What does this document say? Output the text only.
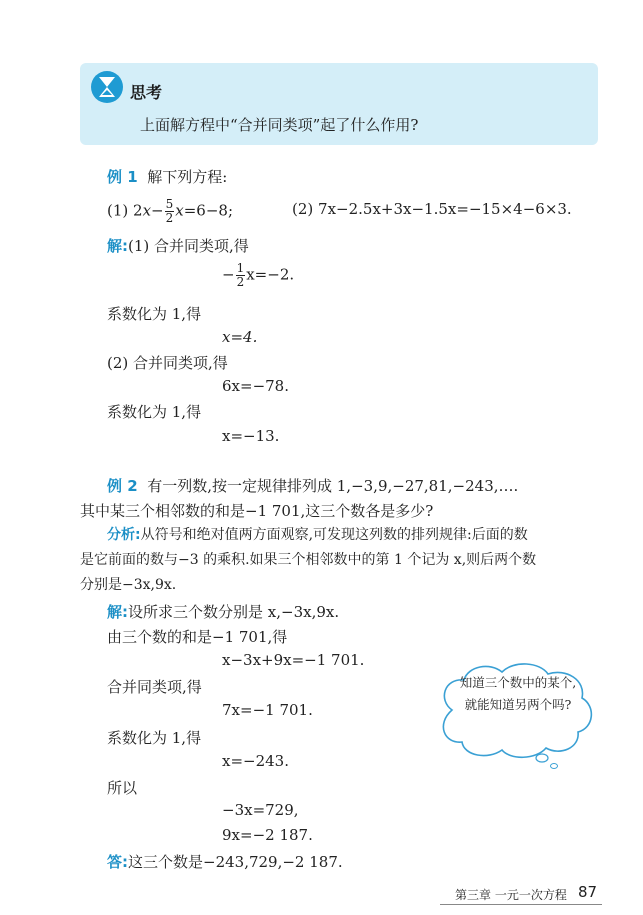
思考
上面解方程中“合并同类项”起了什么作用?
例 1 解下列方程:
(1) $2x- \frac{5}{2} x=6-8$;	(2) 7x−2.5x+3x−1.5x=−15×4−6×3.
解:(1) 合并同类项,得
− $\frac{1}{2} x=-2$.
系数化为 1,得
x=4.
(2) 合并同类项,得
6x=−78.
系数化为 1,得
x=−13.
例 2 有一列数,按一定规律排列成 1,−3,9,−27,81,−243,….
其中某三个相邻数的和是−1 701,这三个数各是多少?
分析:从符号和绝对值两方面观察,可发现这列数的排列规律:后面的数
是它前面的数与−3 的乘积.如果三个相邻数中的第 1 个记为 x,则后两个数
分别是−3x,9x.
解:设所求三个数分别是 x,−3x,9x.
由三个数的和是−1 701,得
x−3x+9x=−1 701.
合并同类项,得
7x=−1 701.
系数化为 1,得
x=−243.
所以
−3x=729,
9x=−2 187.
答:这三个数是−243,729,−2 187.
知道三个数中的某个,就能知道另两个吗?
第三章 一元一次方程 87
